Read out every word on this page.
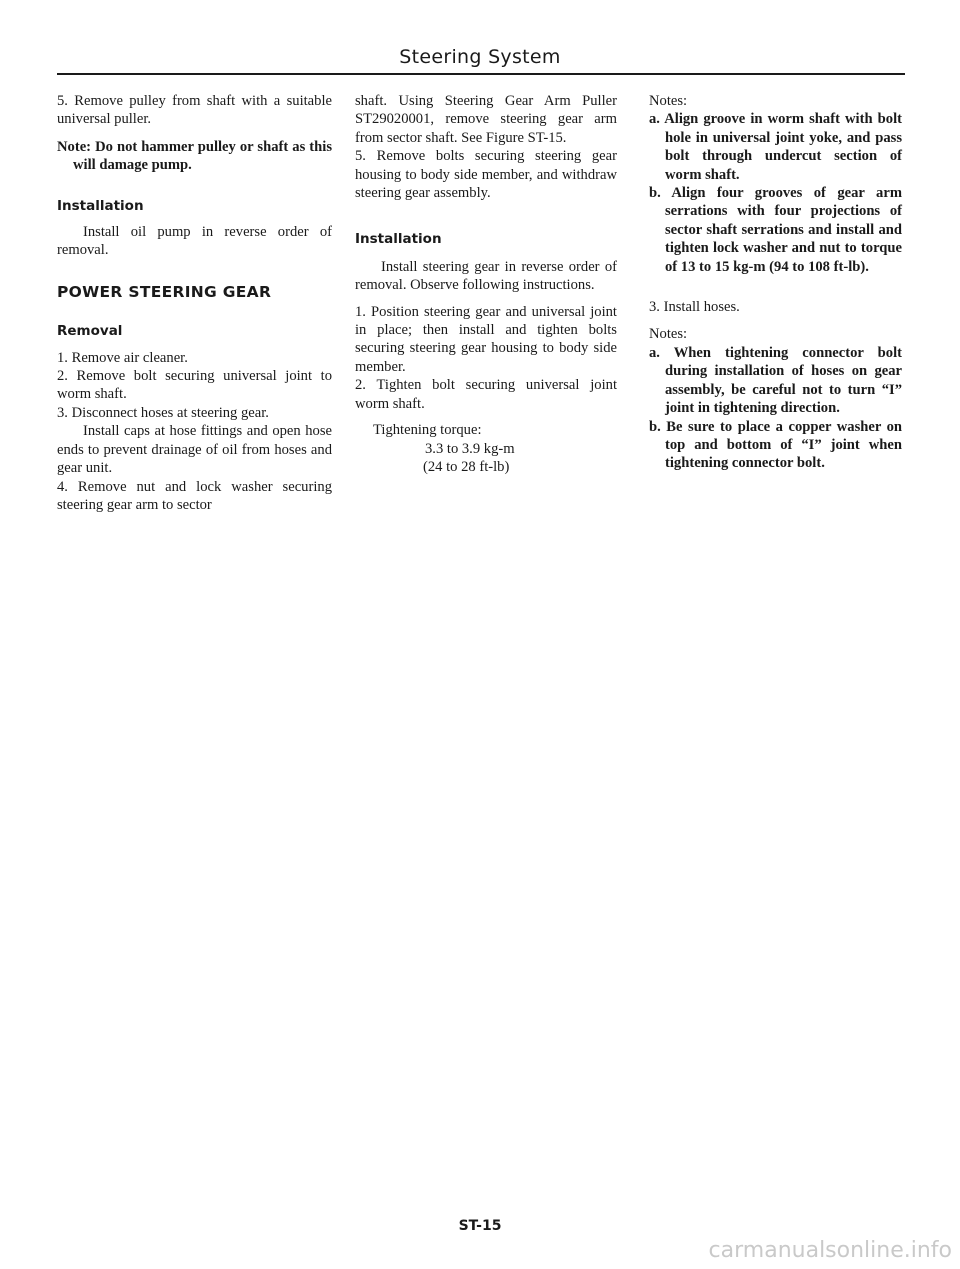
Steering System

5. Remove pulley from shaft with a suitable universal puller.

Note: Do not hammer pulley or shaft as this will damage pump.

Installation

Install oil pump in reverse order of removal.

POWER STEERING GEAR

Removal

1. Remove air cleaner.

2. Remove bolt securing universal joint to worm shaft.

3. Disconnect hoses at steering gear.

Install caps at hose fittings and open hose ends to prevent drainage of oil from hoses and gear unit.

4. Remove nut and lock washer securing steering gear arm to sector

shaft. Using Steering Gear Arm Puller ST29020001, remove steering gear arm from sector shaft. See Figure ST-15.

5. Remove bolts securing steering gear housing to body side member, and withdraw steering gear assembly.

Installation

Install steering gear in reverse order of removal. Observe following instructions.

1. Position steering gear and universal joint in place; then install and tighten bolts securing steering gear housing to body side member.

2. Tighten bolt securing universal joint worm shaft.

Tightening torque:

3.3 to 3.9 kg-m

(24 to 28 ft-lb)

Notes:

a. Align groove in worm shaft with bolt hole in universal joint yoke, and pass bolt through undercut section of worm shaft.

b. Align four grooves of gear arm serrations with four projections of sector shaft serrations and install and tighten lock washer and nut to torque of 13 to 15 kg-m (94 to 108 ft-lb).

3. Install hoses.

Notes:

a. When tightening connector bolt during installation of hoses on gear assembly, be careful not to turn “I” joint in tightening direction.

b. Be sure to place a copper washer on top and bottom of “I” joint when tightening connector bolt.

ST-15
carmanualsonline.info
